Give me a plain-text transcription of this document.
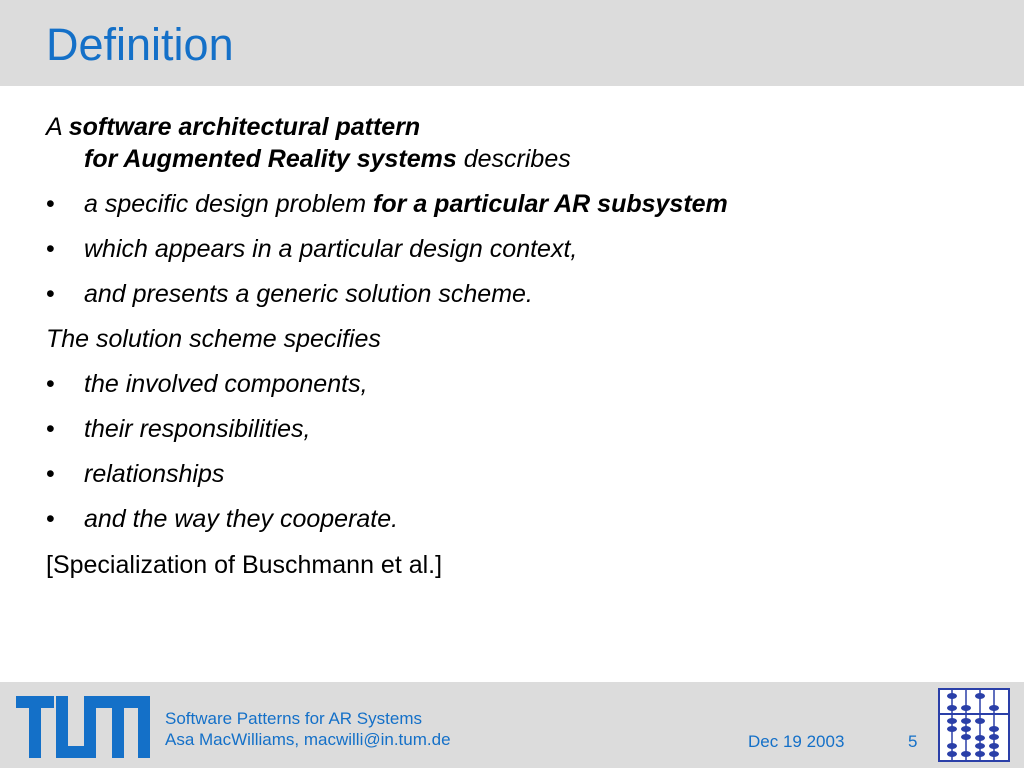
Definition
A software architectural pattern
for Augmented Reality systems describes
• a specific design problem for a particular AR subsystem
• which appears in a particular design context,
• and presents a generic solution scheme.
The solution scheme specifies
• the involved components,
• their responsibilities,
• relationships
• and the way they cooperate.
[Specialization of Buschmann et al.]
Software Patterns for AR Systems
Asa MacWilliams, macwilli@in.tum.de	Dec 19 2003	5
